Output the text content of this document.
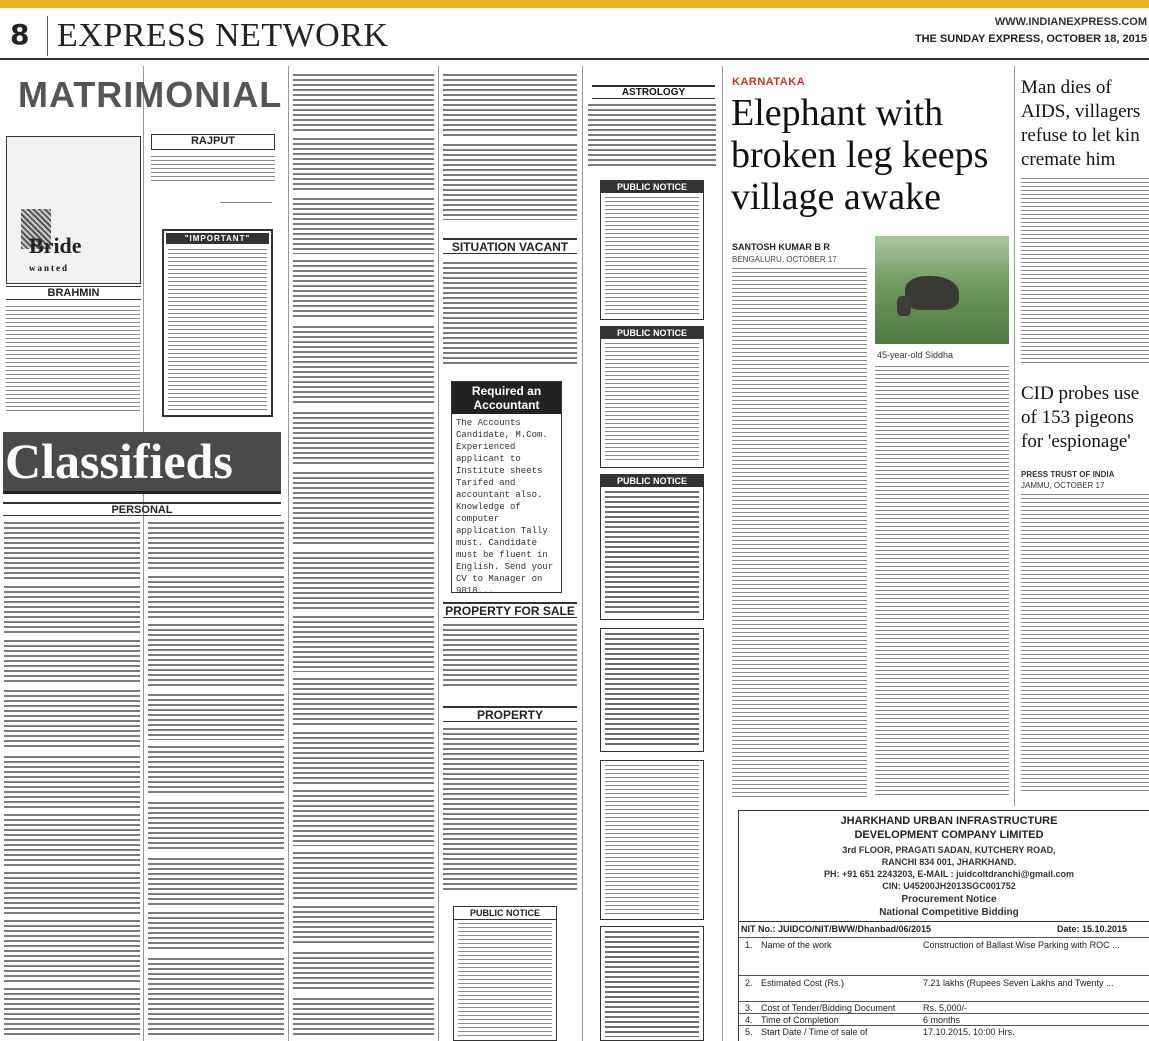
8 EXPRESS NETWORK	WWW.INDIANEXPRESS.COM
THE SUNDAY EXPRESS, OCTOBER 18, 2015
MATRIMONIAL
Bride
wanted
RAJPUT
"IMPORTANT"
BRAHMIN
Classifieds
PERSONAL
SITUATION VACANT
Required an Accountant
The Accounts Candidate, M.Com. Experienced applicant to Institute sheets Tarifed and accountant also. Knowledge of computer application Tally must. Candidate must be fluent in English. Send your CV to Manager on 9818...
PROPERTY FOR SALE
PROPERTY
PUBLIC NOTICE
ASTROLOGY
PUBLIC NOTICE
PUBLIC NOTICE
PUBLIC NOTICE
KARNATAKA
Elephant with broken leg keeps village awake
SANTOSH KUMAR B R
BENGALURU, OCTOBER 17
45-year-old Siddha
Man dies of AIDS, villagers refuse to let kin cremate him
CID probes use of 153 pigeons for 'espionage'
PRESS TRUST OF INDIA
JAMMU, OCTOBER 17
JHARKHAND URBAN INFRASTRUCTURE
DEVELOPMENT COMPANY LIMITED
3rd FLOOR, PRAGATI SADAN, KUTCHERY ROAD,
RANCHI 834 001, JHARKHAND.
PH: +91 651 2243203, E-MAIL : juidcoltdranchi@gmail.com
CIN: U45200JH2013SGC001752
Procurement Notice
National Competitive Bidding
NIT No.: JUIDCO/NIT/BWW/Dhanbad/06/2015	Date: 15.10.2015
1. Name of the work	Construction of Ballast Wise Parking with ROC ...
2. Estimated Cost (Rs.)	7.21 lakhs (Rupees Seven Lakhs and Twenty ...
3. Cost of Tender/Bidding Document	Rs. 5,000/-
4. Time of Completion	6 months
5. Start Date / Time of sale of	17.10.2015, 10:00 Hrs.
